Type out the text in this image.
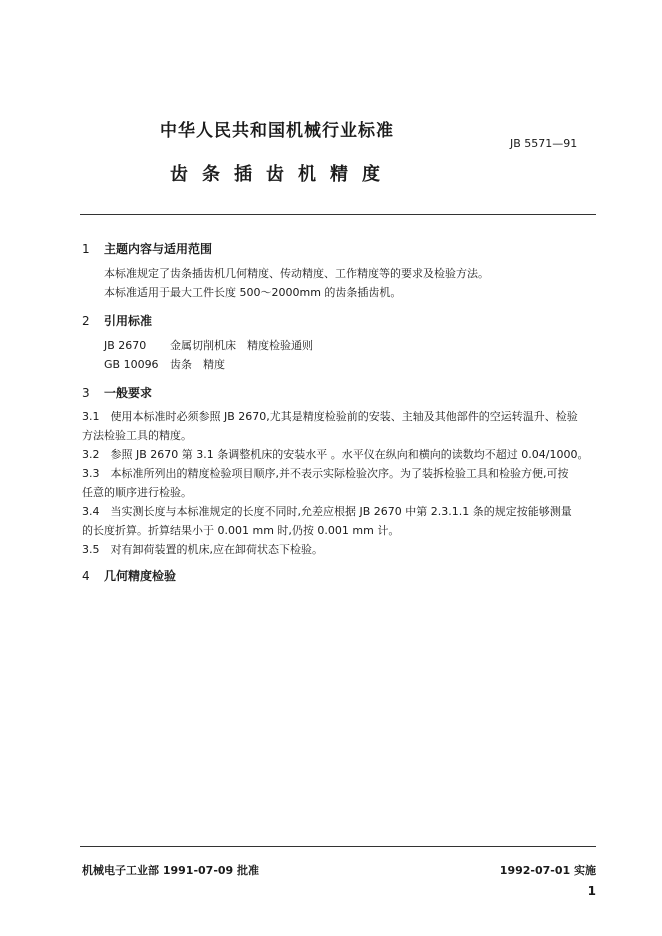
中华人民共和国机械行业标准
JB 5571—91
齿条插齿机精度
1 主题内容与适用范围
本标准规定了齿条插齿机几何精度、传动精度、工作精度等的要求及检验方法。
本标准适用于最大工件长度 500～2000mm 的齿条插齿机。
2 引用标准
JB 2670 金属切削机床　精度检验通则
GB 10096 齿条　精度
3 一般要求
3.1　使用本标准时必须参照 JB 2670,尤其是精度检验前的安装、主轴及其他部件的空运转温升、检验
方法检验工具的精度。
3.2　参照 JB 2670 第 3.1 条调整机床的安装水平 。水平仪在纵向和横向的读数均不超过 0.04/1000。
3.3　本标准所列出的精度检验项目顺序,并不表示实际检验次序。为了装拆检验工具和检验方便,可按
任意的顺序进行检验。
3.4　当实测长度与本标准规定的长度不同时,允差应根据 JB 2670 中第 2.3.1.1 条的规定按能够测量
的长度折算。折算结果小于 0.001 mm 时,仍按 0.001 mm 计。
3.5　对有卸荷装置的机床,应在卸荷状态下检验。
4 几何精度检验
机械电子工业部 1991-07-09 批准	1992-07-01 实施
1
